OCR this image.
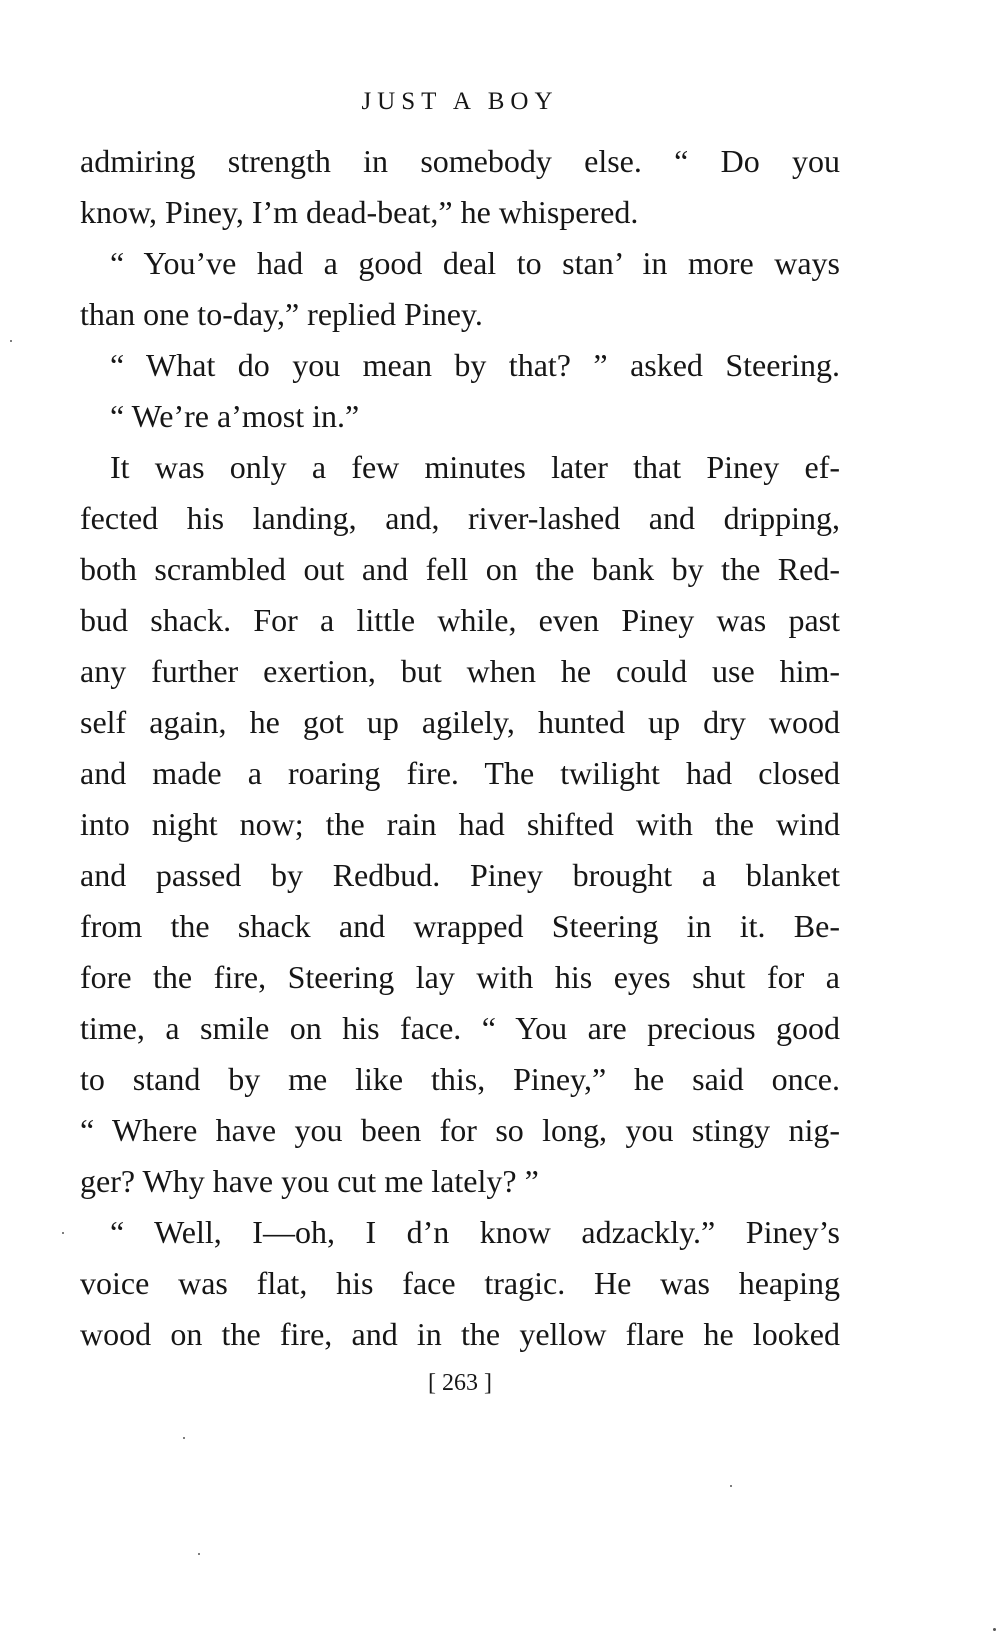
JUST A BOY
admiring strength in somebody else. “ Do you
know, Piney, I’m dead-beat,” he whispered.
“ You’ve had a good deal to stan’ in more ways
than one to-day,” replied Piney.
“ What do you mean by that? ” asked Steering.
“ We’re a’most in.”
It was only a few minutes later that Piney ef-
fected his landing, and, river-lashed and dripping,
both scrambled out and fell on the bank by the Red-
bud shack. For a little while, even Piney was past
any further exertion, but when he could use him-
self again, he got up agilely, hunted up dry wood
and made a roaring fire. The twilight had closed
into night now; the rain had shifted with the wind
and passed by Redbud. Piney brought a blanket
from the shack and wrapped Steering in it. Be-
fore the fire, Steering lay with his eyes shut for a
time, a smile on his face. “ You are precious good
to stand by me like this, Piney,” he said once.
“ Where have you been for so long, you stingy nig-
ger? Why have you cut me lately? ”
“ Well, I—oh, I d’n know adzackly.” Piney’s
voice was flat, his face tragic. He was heaping
wood on the fire, and in the yellow flare he looked
[ 263 ]
